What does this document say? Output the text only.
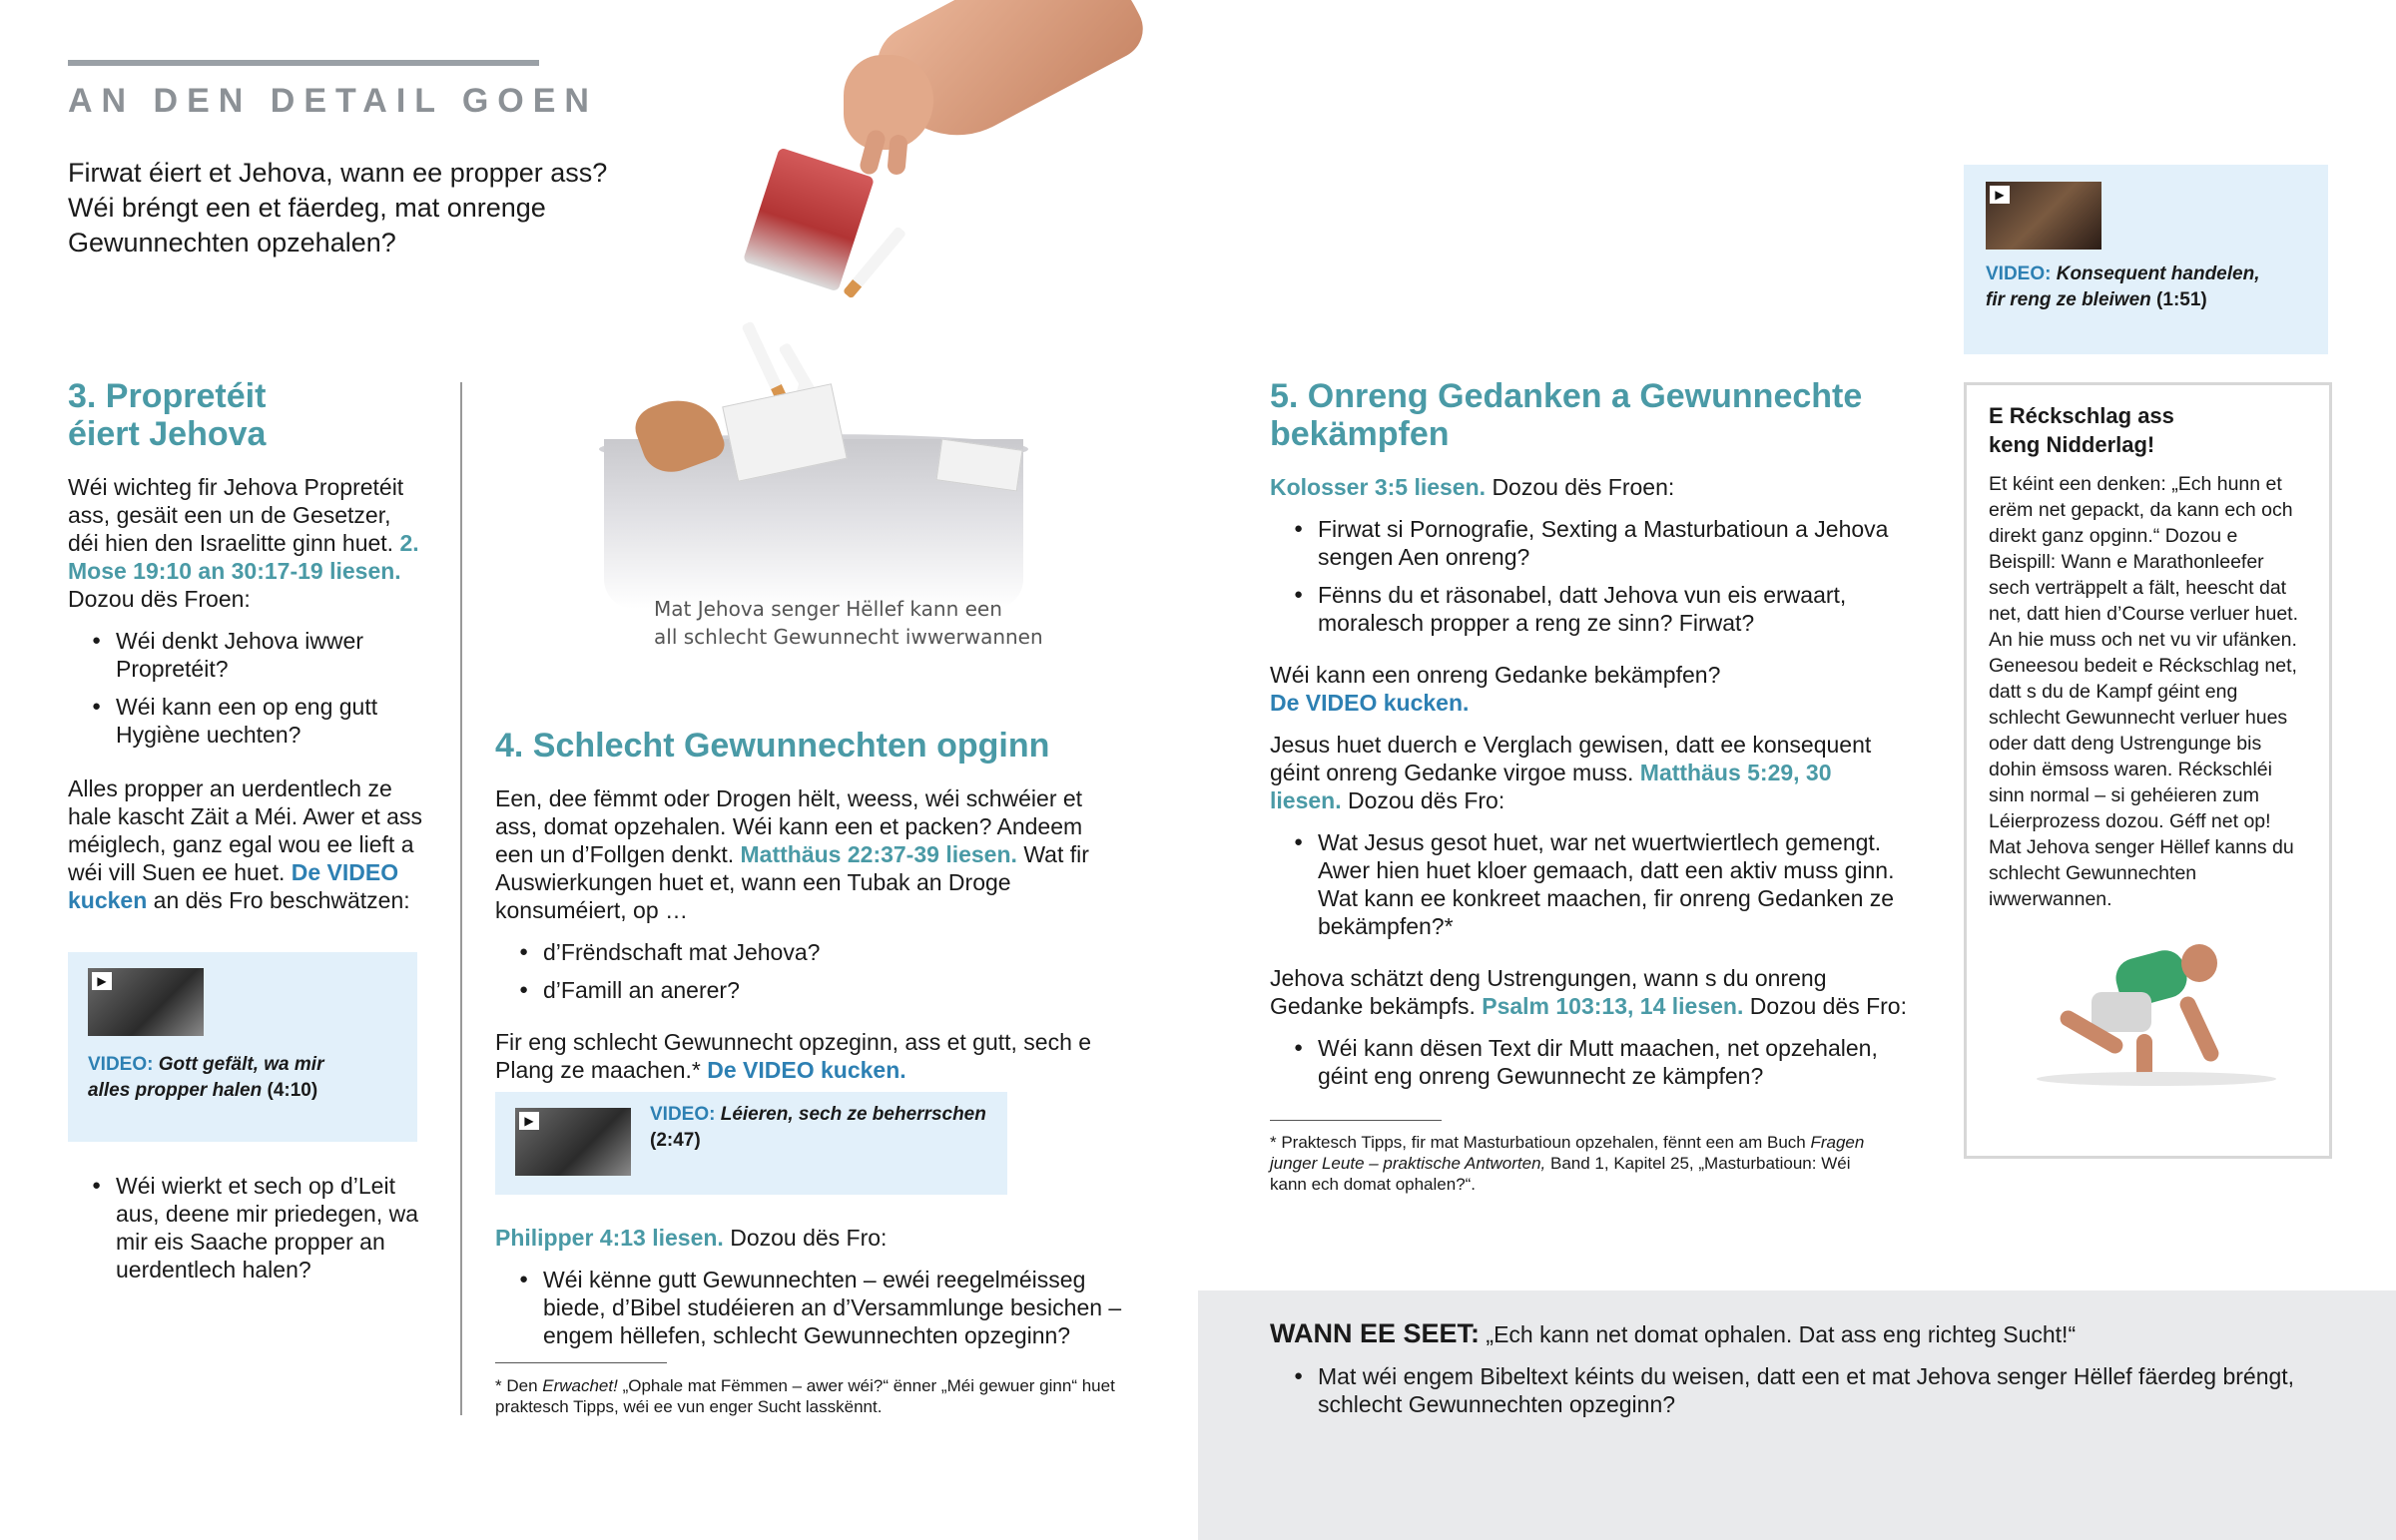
AN DEN DETAIL GOEN
Firwat éiert et Jehova, wann ee propper ass?
Wéi bréngt een et fäerdeg, mat onrenge
Gewunnechten opzehalen?
Mat Jehova senger Hëllef kann een
all schlecht Gewunnecht iwwerwannen
3. Propretéit
éiert Jehova

Wéi wichteg fir Jehova Propretéit ass, gesäit een un de Gesetzer, déi hien den Israelitte ginn huet. 2. Mose 19:10 an 30:17-19 liesen. Dozou dës Froen:

● Wéi denkt Jehova iwwer Propretéit?
● Wéi kann een op eng gutt Hygiène uechten?

Alles propper an uerdentlech ze hale kascht Zäit a Méi. Awer et ass méiglech, ganz egal wou ee lieft a wéi vill Suen ee huet. De VIDEO kucken an dës Fro beschwätzen:

▶
VIDEO: Gott gefält, wa mir
alles propper halen (4:10)
● Wéi wierkt et sech op d’Leit aus, deene mir priedegen, wa mir eis Saache propper an uerdentlech halen?
4. Schlecht Gewunnechten opginn

Een, dee fëmmt oder Drogen hëlt, weess, wéi schwéier et ass, domat opzehalen. Wéi kann een et packen? Andeem een un d’Follgen denkt. Matthäus 22:37-39 liesen. Wat fir Auswierkungen huet et, wann een Tubak an Droge konsuméiert, op …

● d’Frëndschaft mat Jehova?
● d’Famill an anerer?

Fir eng schlecht Gewunnecht opzeginn, ass et gutt, sech e Plang ze maachen.* De VIDEO kucken.

▶	VIDEO: Léieren, sech ze beherrschen
(2:47)

Philipper 4:13 liesen. Dozou dës Fro:

● Wéi kënne gutt Gewunnechten – ewéi reegelméisseg biede, d’Bibel studéieren an d’Versammlunge besichen – engem hëllefen, schlecht Gewunnechten opzeginn?
* Den Erwachet! „Ophale mat Fëmmen – awer wéi?“ ënner „Méi gewuer ginn“ huet praktesch Tipps, wéi ee vun enger Sucht lasskënnt.
5. Onreng Gedanken a Gewunnechte
bekämpfen

Kolosser 3:5 liesen. Dozou dës Froen:

● Firwat si Pornografie, Sexting a Masturbatioun a Jehova sengen Aen onreng?
● Fënns du et räsonabel, datt Jehova vun eis erwaart, moralesch propper a reng ze sinn? Firwat?

Wéi kann een onreng Gedanke bekämpfen?
De VIDEO kucken.

Jesus huet duerch e Verglach gewisen, datt ee konsequent géint onreng Gedanke virgoe muss. Matthäus 5:29, 30 liesen. Dozou dës Fro:

● Wat Jesus gesot huet, war net wuertwiertlech gemengt. Awer hien huet kloer gemaach, datt een aktiv muss ginn. Wat kann ee konkreet maachen, fir onreng Gedanken ze bekämpfen?*

Jehova schätzt deng Ustrengungen, wann s du onreng Gedanke bekämpfs. Psalm 103:13, 14 liesen. Dozou dës Fro:

● Wéi kann dësen Text dir Mutt maachen, net opzehalen, géint eng onreng Gewunnecht ze kämpfen?
* Praktesch Tipps, fir mat Masturbatioun opzehalen, fënnt een am Buch Fragen junger Leute – praktische Antworten, Band 1, Kapitel 25, „Masturbatioun: Wéi kann ech domat ophalen?“.
▶
VIDEO: Konsequent handelen,
fir reng ze bleiwen (1:51)
E Réckschlag ass
keng Nidderlag!
Et kéint een denken: „Ech hunn et erëm net gepackt, da kann ech och direkt ganz opginn.“ Dozou e Beispill: Wann e Marathonleefer sech verträppelt a fält, heescht dat net, datt hien d’Course verluer huet. An hie muss och net vu vir ufänken. Geneesou bedeit e Réckschlag net, datt s du de Kampf géint eng schlecht Gewunnecht verluer hues oder datt deng Ustrengunge bis dohin ëmsoss waren. Réckschléi sinn normal – si gehéieren zum Léierprozess dozou. Géff net op! Mat Jehova senger Hëllef kanns du schlecht Gewunnechten iwwerwannen.
WANN EE SEET: „Ech kann net domat ophalen. Dat ass eng richteg Sucht!“
● Mat wéi engem Bibeltext kéints du weisen, datt een et mat Jehova senger Hëllef fäerdeg bréngt, schlecht Gewunnechten opzeginn?
